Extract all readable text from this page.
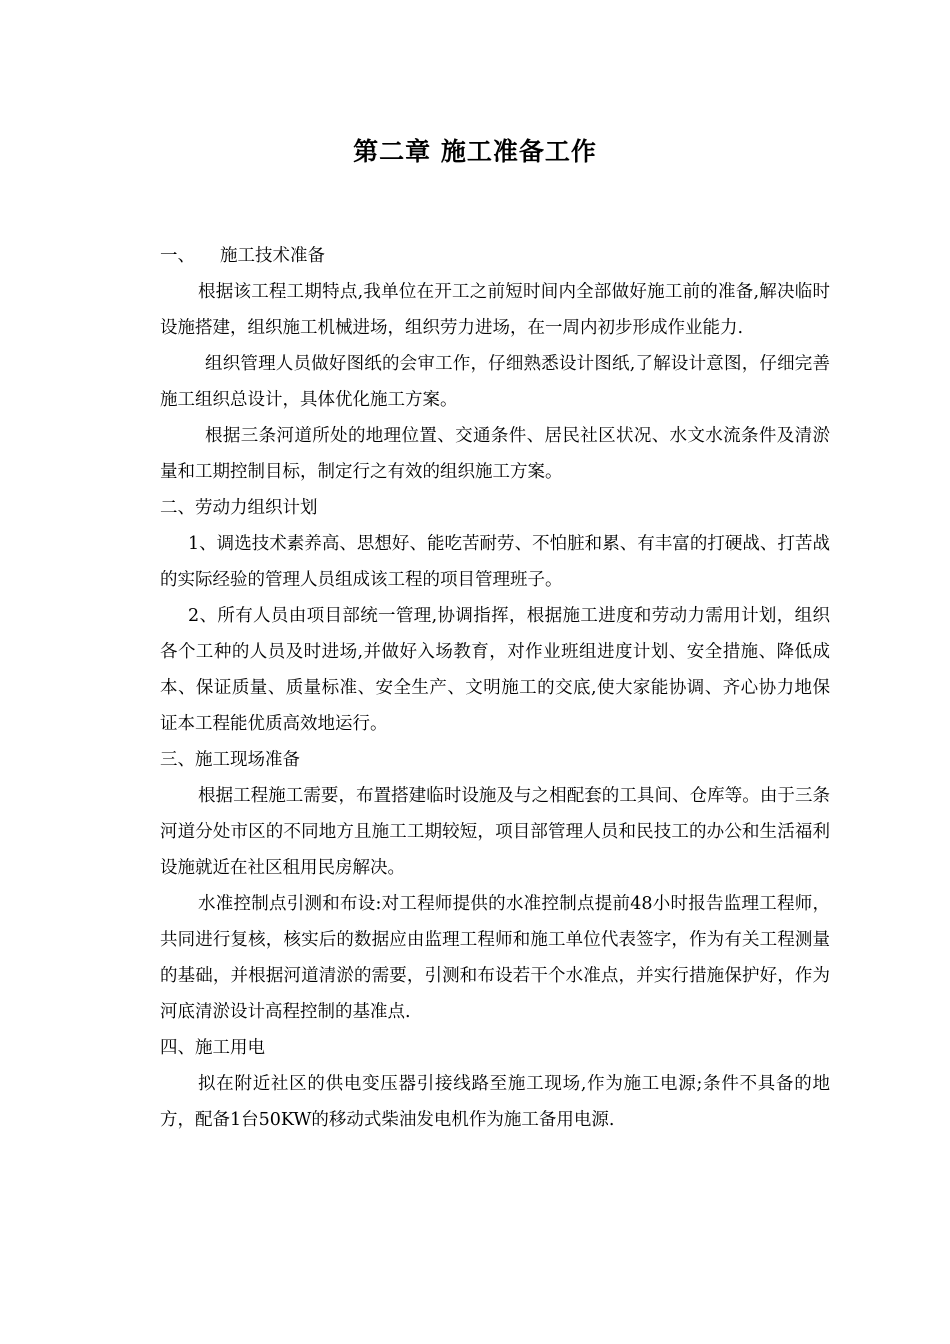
第二章 施工准备工作

一、 施工技术准备

根据该工程工期特点,我单位在开工之前短时间内全部做好施工前的准备,解决临时设施搭建，组织施工机械进场，组织劳力进场，在一周内初步形成作业能力.

组织管理人员做好图纸的会审工作，仔细熟悉设计图纸,了解设计意图，仔细完善施工组织总设计，具体优化施工方案。

根据三条河道所处的地理位置、交通条件、居民社区状况、水文水流条件及清淤量和工期控制目标，制定行之有效的组织施工方案。

二、劳动力组织计划

1、调选技术素养高、思想好、能吃苦耐劳、不怕脏和累、有丰富的打硬战、打苦战的实际经验的管理人员组成该工程的项目管理班子。

2、所有人员由项目部统一管理,协调指挥，根据施工进度和劳动力需用计划，组织各个工种的人员及时进场,并做好入场教育，对作业班组进度计划、安全措施、降低成本、保证质量、质量标准、安全生产、文明施工的交底,使大家能协调、齐心协力地保证本工程能优质高效地运行。

三、施工现场准备

根据工程施工需要，布置搭建临时设施及与之相配套的工具间、仓库等。由于三条河道分处市区的不同地方且施工工期较短，项目部管理人员和民技工的办公和生活福利设施就近在社区租用民房解决。

水准控制点引测和布设:对工程师提供的水准控制点提前48小时报告监理工程师，共同进行复核，核实后的数据应由监理工程师和施工单位代表签字，作为有关工程测量的基础，并根据河道清淤的需要，引测和布设若干个水准点，并实行措施保护好，作为河底清淤设计高程控制的基准点.

四、施工用电

拟在附近社区的供电变压器引接线路至施工现场,作为施工电源;条件不具备的地方，配备1台50KW的移动式柴油发电机作为施工备用电源.
